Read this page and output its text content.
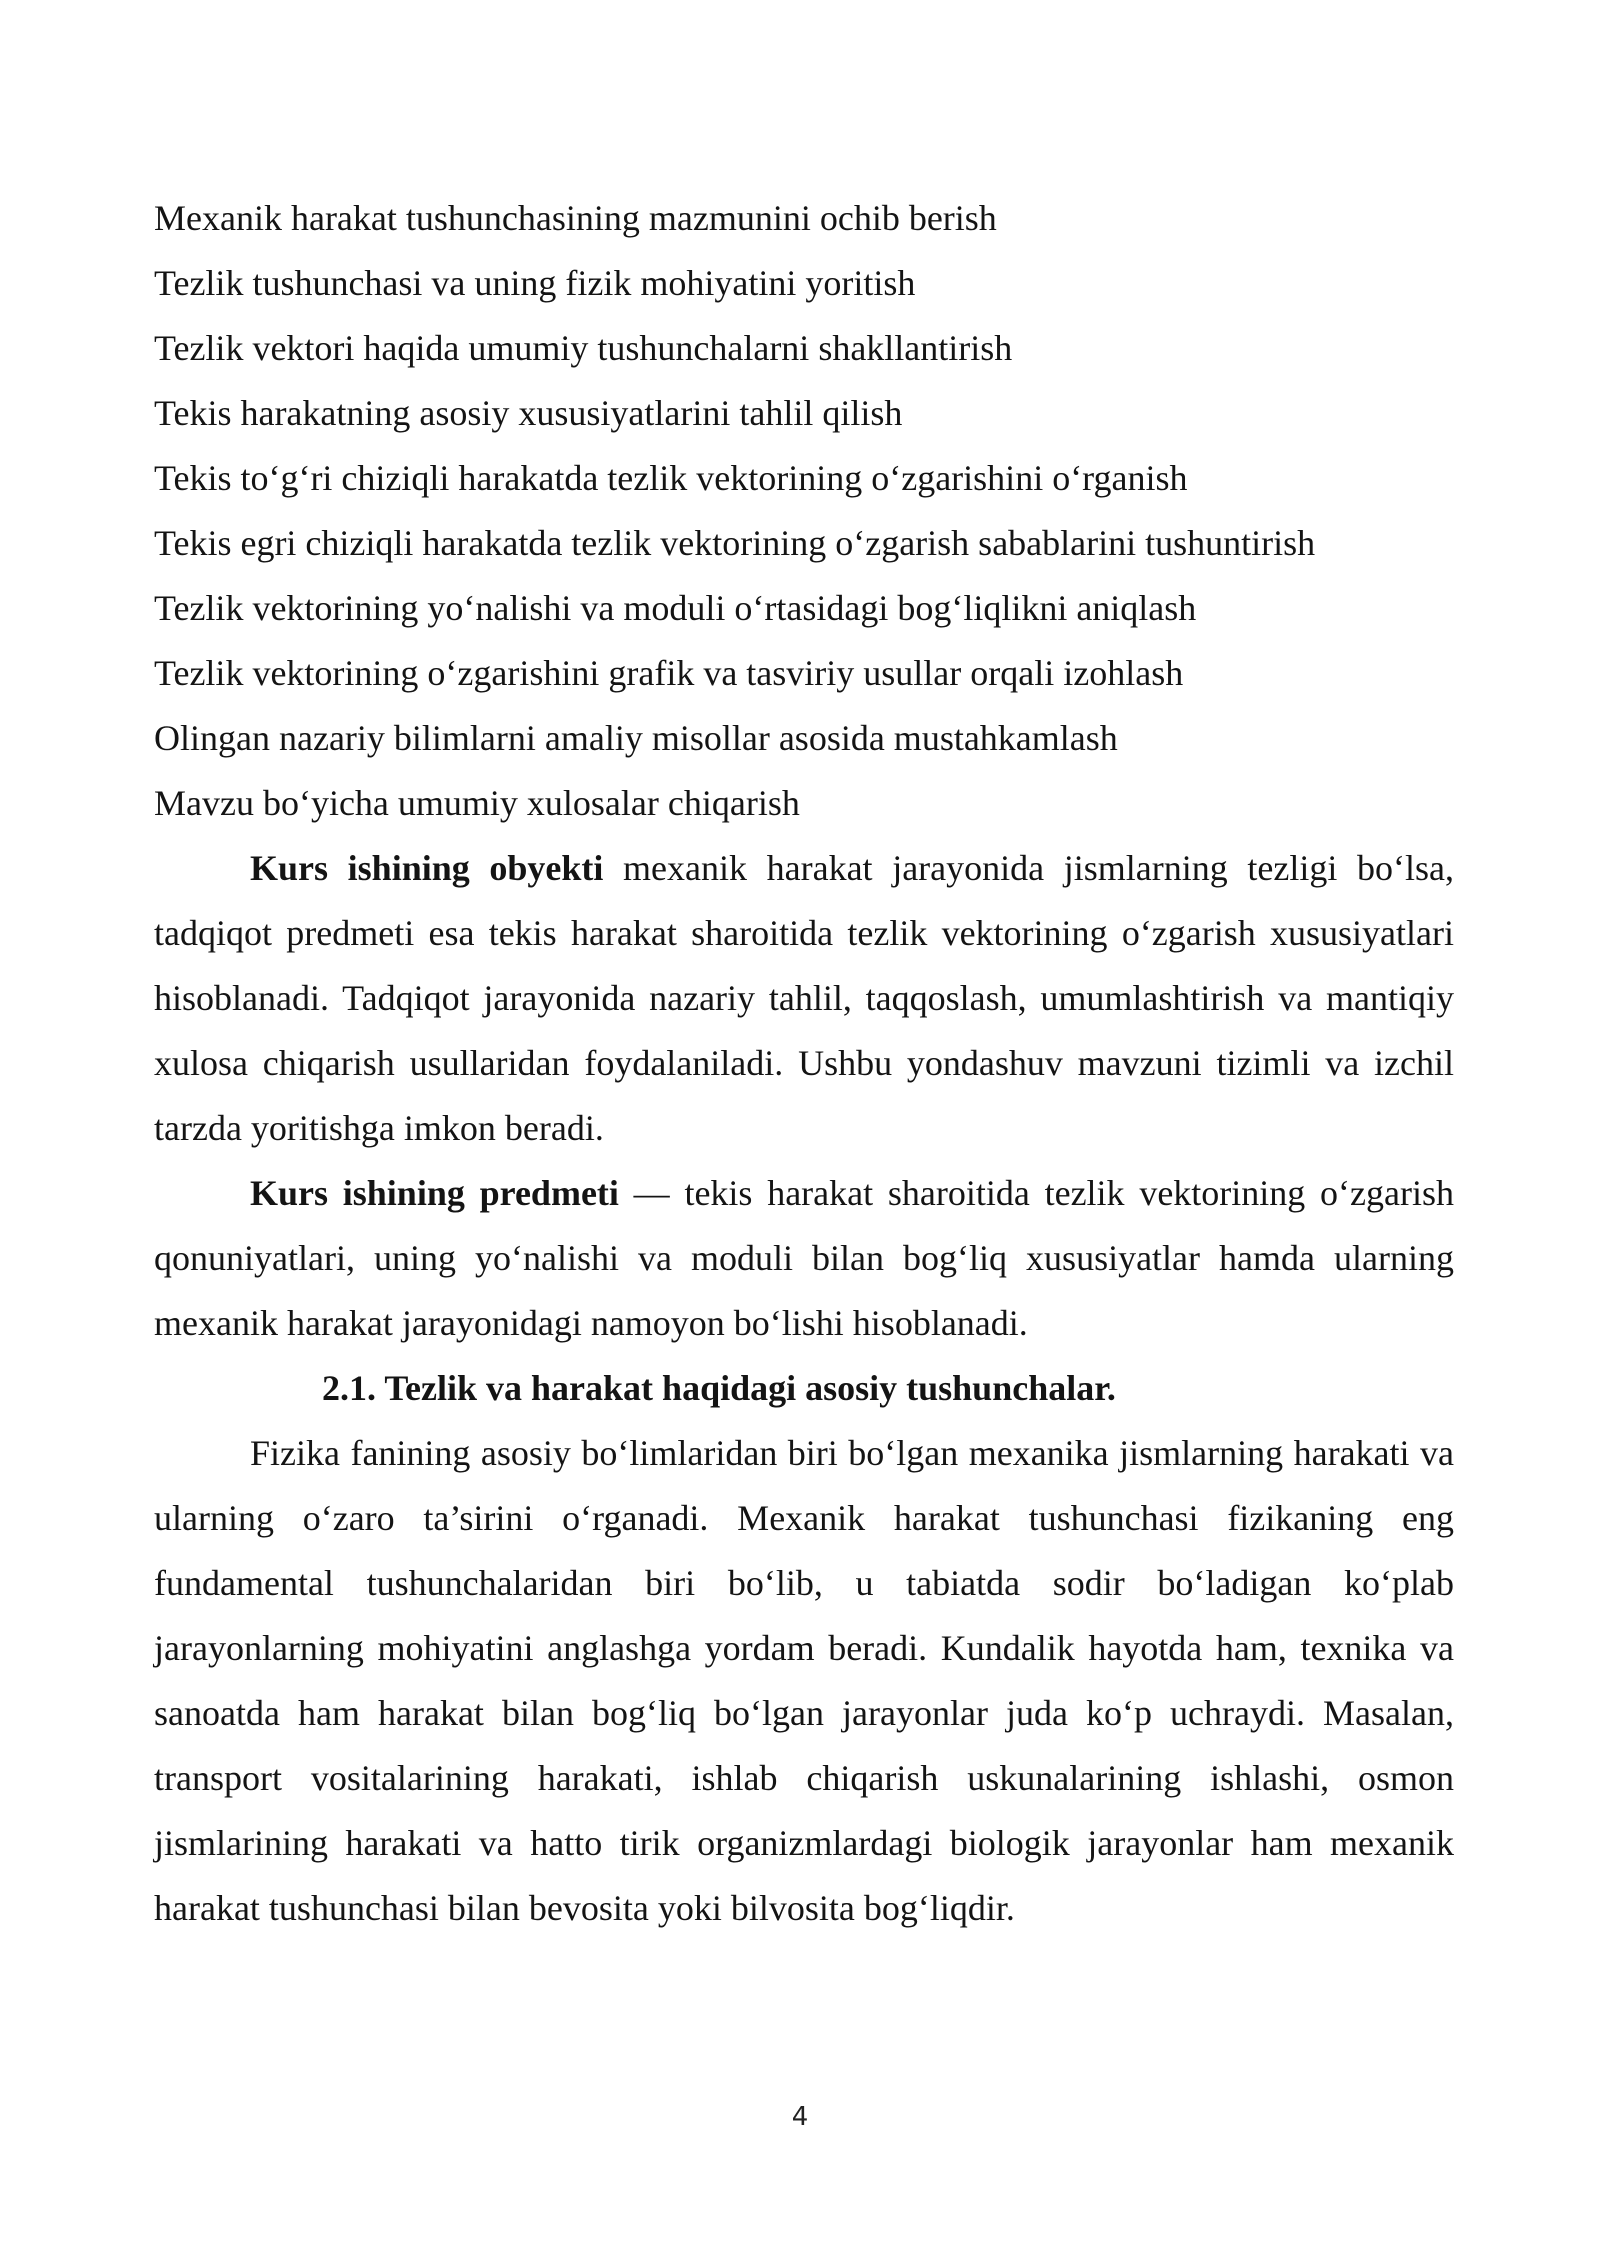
Mexanik harakat tushunchasining mazmunini ochib berish
Tezlik tushunchasi va uning fizik mohiyatini yoritish
Tezlik vektori haqida umumiy tushunchalarni shakllantirish
Tekis harakatning asosiy xususiyatlarini tahlil qilish
Tekis to‘g‘ri chiziqli harakatda tezlik vektorining o‘zgarishini o‘rganish
Tekis egri chiziqli harakatda tezlik vektorining o‘zgarish sabablarini tushuntirish
Tezlik vektorining yo‘nalishi va moduli o‘rtasidagi bog‘liqlikni aniqlash
Tezlik vektorining o‘zgarishini grafik va tasviriy usullar orqali izohlash
Olingan nazariy bilimlarni amaliy misollar asosida mustahkamlash
Mavzu bo‘yicha umumiy xulosalar chiqarish

Kurs ishining obyekti mexanik harakat jarayonida jismlarning tezligi bo‘lsa, tadqiqot predmeti esa tekis harakat sharoitida tezlik vektorining o‘zgarish xususiyatlari hisoblanadi. Tadqiqot jarayonida nazariy tahlil, taqqoslash, umumlashtirish va mantiqiy xulosa chiqarish usullaridan foydalaniladi. Ushbu yondashuv mavzuni tizimli va izchil tarzda yoritishga imkon beradi.

Kurs ishining predmeti — tekis harakat sharoitida tezlik vektorining o‘zgarish qonuniyatlari, uning yo‘nalishi va moduli bilan bog‘liq xususiyatlar hamda ularning mexanik harakat jarayonidagi namoyon bo‘lishi hisoblanadi.

2.1. Tezlik va harakat haqidagi asosiy tushunchalar.

Fizika fanining asosiy bo‘limlaridan biri bo‘lgan mexanika jismlarning harakati va ularning o‘zaro ta’sirini o‘rganadi. Mexanik harakat tushunchasi fizikaning eng fundamental tushunchalaridan biri bo‘lib, u tabiatda sodir bo‘ladigan ko‘plab jarayonlarning mohiyatini anglashga yordam beradi. Kundalik hayotda ham, texnika va sanoatda ham harakat bilan bog‘liq bo‘lgan jarayonlar juda ko‘p uchraydi. Masalan, transport vositalarining harakati, ishlab chiqarish uskunalarining ishlashi, osmon jismlarining harakati va hatto tirik organizmlardagi biologik jarayonlar ham mexanik harakat tushunchasi bilan bevosita yoki bilvosita bog‘liqdir.

4
